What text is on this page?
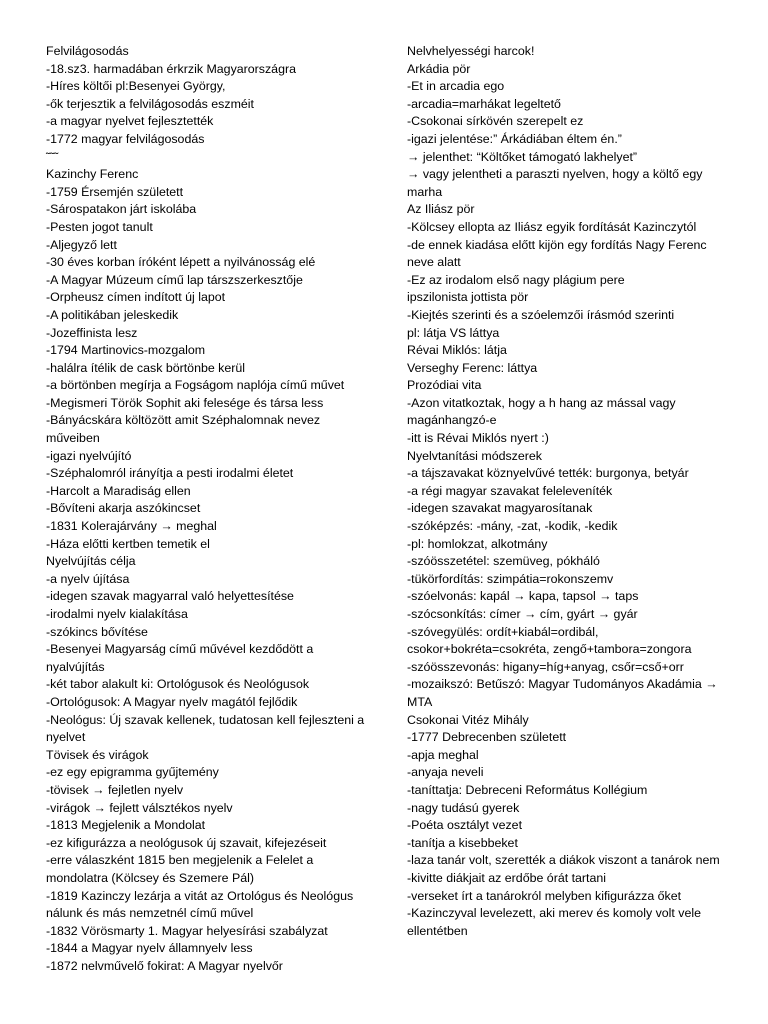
Felvilágosodás

-18.sz3. harmadában érkrzik Magyarországra

-Híres költői pl:Besenyei György,

-ők terjesztik a felvilágosodás eszméit

-a magyar nyelvet fejlesztették

-1772 magyar felvilágosodás

˜˜˜

Kazinchy Ferenc

-1759 Érsemjén született

-Sárospatakon járt iskolába

-Pesten jogot tanult

-Aljegyző lett

-30 éves korban íróként lépett a nyilvánosság elé

-A Magyar Múzeum című lap társzszerkesztője

-Orpheusz címen indított új lapot

-A politikában jeleskedik

-Jozeffinista lesz

-1794 Martinovics-mozgalom

-halálra ítélik de cask börtönbe kerül

-a börtönben megírja a Fogságom naplója című művet

-Megismeri Török Sophit aki felesége és társa less

-Bányácskára költözött amit Széphalomnak nevez műveiben

-igazi nyelvújító

-Széphalomról irányítja a pesti irodalmi életet

-Harcolt a Maradiság ellen

-Bővíteni akarja aszókincset

-1831 Kolerajárvány → meghal

-Háza előtti kertben temetik el

Nyelvújítás célja

-a nyelv újítása

-idegen szavak magyarral való helyettesítése

-irodalmi nyelv kialakítása

-szókincs bővítése

-Besenyei Magyarság című művével kezdődött a nyalvújítás

-két tabor alakult ki: Ortológusok és Neológusok

-Ortológusok: A Magyar nyelv magától fejlődik

-Neológus: Új szavak kellenek, tudatosan kell fejleszteni a nyelvet

Tövisek és virágok

-ez egy epigramma gyűjtemény

-tövisek → fejletlen nyelv

-virágok → fejlett válsztékos nyelv

-1813 Megjelenik a Mondolat

-ez kifigurázza a neológusok új szavait, kifejezéseit

-erre válaszként 1815 ben megjelenik a Felelet a mondolatra (Kölcsey és Szemere Pál)

-1819 Kazinczy lezárja a vitát az Ortológus és Neológus nálunk és más nemzetnél című művel

-1832 Vörösmarty 1. Magyar helyesírási szabályzat

-1844 a Magyar nyelv államnyelv less

-1872 nelvművelő fokirat: A Magyar nyelvőr

Nelvhelyességi harcok!

Arkádia pör

-Et in arcadia ego

-arcadia=marhákat legeltető

-Csokonai sírkövén szerepelt ez

-igazi jelentése:” Árkádiában éltem én.”

→ jelenthet: “Költőket támogató lakhelyet”

→ vagy jelentheti a paraszti nyelven, hogy a költő egy marha

Az Iliász pör

-Kölcsey ellopta az Iliász egyik fordítását Kazinczytól

-de ennek kiadása előtt kijön egy fordítás Nagy Ferenc neve alatt

-Ez az irodalom első nagy plágium pere

ipszilonista jottista pör

-Kiejtés szerinti és a szóelemzői írásmód szerinti

pl: látja VS láttya

Révai Miklós: látja

Verseghy Ferenc: láttya

Prozódiai vita

-Azon vitatkoztak, hogy a h hang az mással vagy magánhangzó-e

-itt is Révai Miklós nyert :)

Nyelvtanítási módszerek

-a tájszavakat köznyelvűvé tették: burgonya, betyár

-a régi magyar szavakat feleleveníték

-idegen szavakat magyarosítanak

-szóképzés: -mány, -zat, -kodik, -kedik

-pl: homlokzat, alkotmány

-szóösszetétel: szemüveg, pókháló

-tükörfordítás: szimpátia=rokonszemv

-szóelvonás: kapál → kapa, tapsol → taps

-szócsonkítás: címer → cím, gyárt → gyár

-szóvegyülés: ordít+kiabál=ordibál, csokor+bokréta=csokréta, zengő+tambora=zongora

-szóösszevonás: higany=híg+anyag, csőr=cső+orr

-mozaikszó: Betűszó: Magyar Tudományos Akadámia → MTA

Csokonai Vitéz Mihály

-1777 Debrecenben született

-apja meghal

-anyaja neveli

-taníttatja: Debreceni Református Kollégium

-nagy tudású gyerek

-Poéta osztályt vezet

-tanítja a kisebbeket

-laza tanár volt, szerették a diákok viszont a tanárok nem

-kivitte diákjait az erdőbe órát tartani

-verseket írt a tanárokról melyben kifigurázza őket

-Kazinczyval levelezett, aki merev és komoly volt vele ellentétben
